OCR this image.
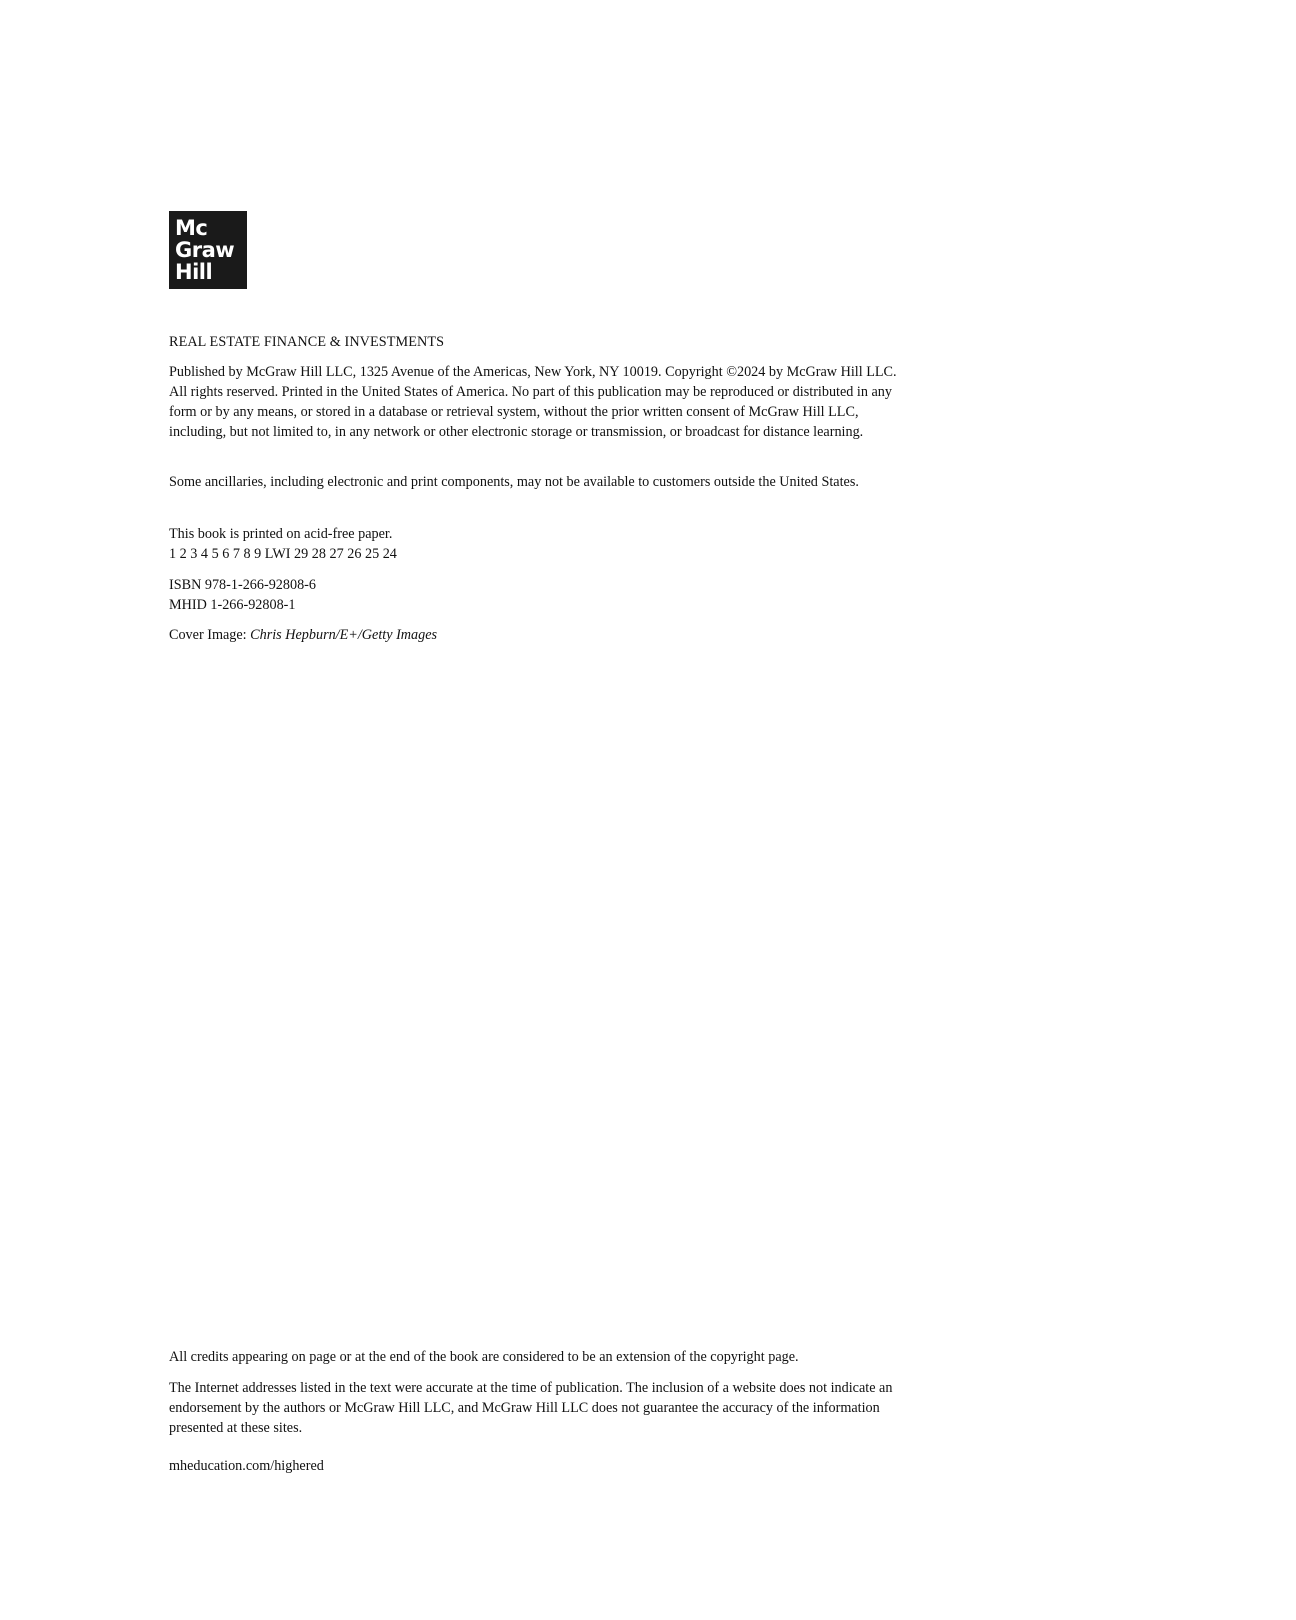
Mc
Graw
Hill

REAL ESTATE FINANCE & INVESTMENTS

Published by McGraw Hill LLC, 1325 Avenue of the Americas, New York, NY 10019. Copyright ©2024 by McGraw Hill LLC. All rights reserved. Printed in the United States of America. No part of this publication may be reproduced or distributed in any form or by any means, or stored in a database or retrieval system, without the prior written consent of McGraw Hill LLC, including, but not limited to, in any network or other electronic storage or transmission, or broadcast for distance learning.

Some ancillaries, including electronic and print components, may not be available to customers outside the United States.

This book is printed on acid-free paper.

1 2 3 4 5 6 7 8 9 LWI 29 28 27 26 25 24

ISBN 978-1-266-92808-6

MHID 1-266-92808-1

Cover Image: Chris Hepburn/E+/Getty Images

All credits appearing on page or at the end of the book are considered to be an extension of the copyright page.

The Internet addresses listed in the text were accurate at the time of publication. The inclusion of a website does not indicate an endorsement by the authors or McGraw Hill LLC, and McGraw Hill LLC does not guarantee the accuracy of the information presented at these sites.

mheducation.com/highered
